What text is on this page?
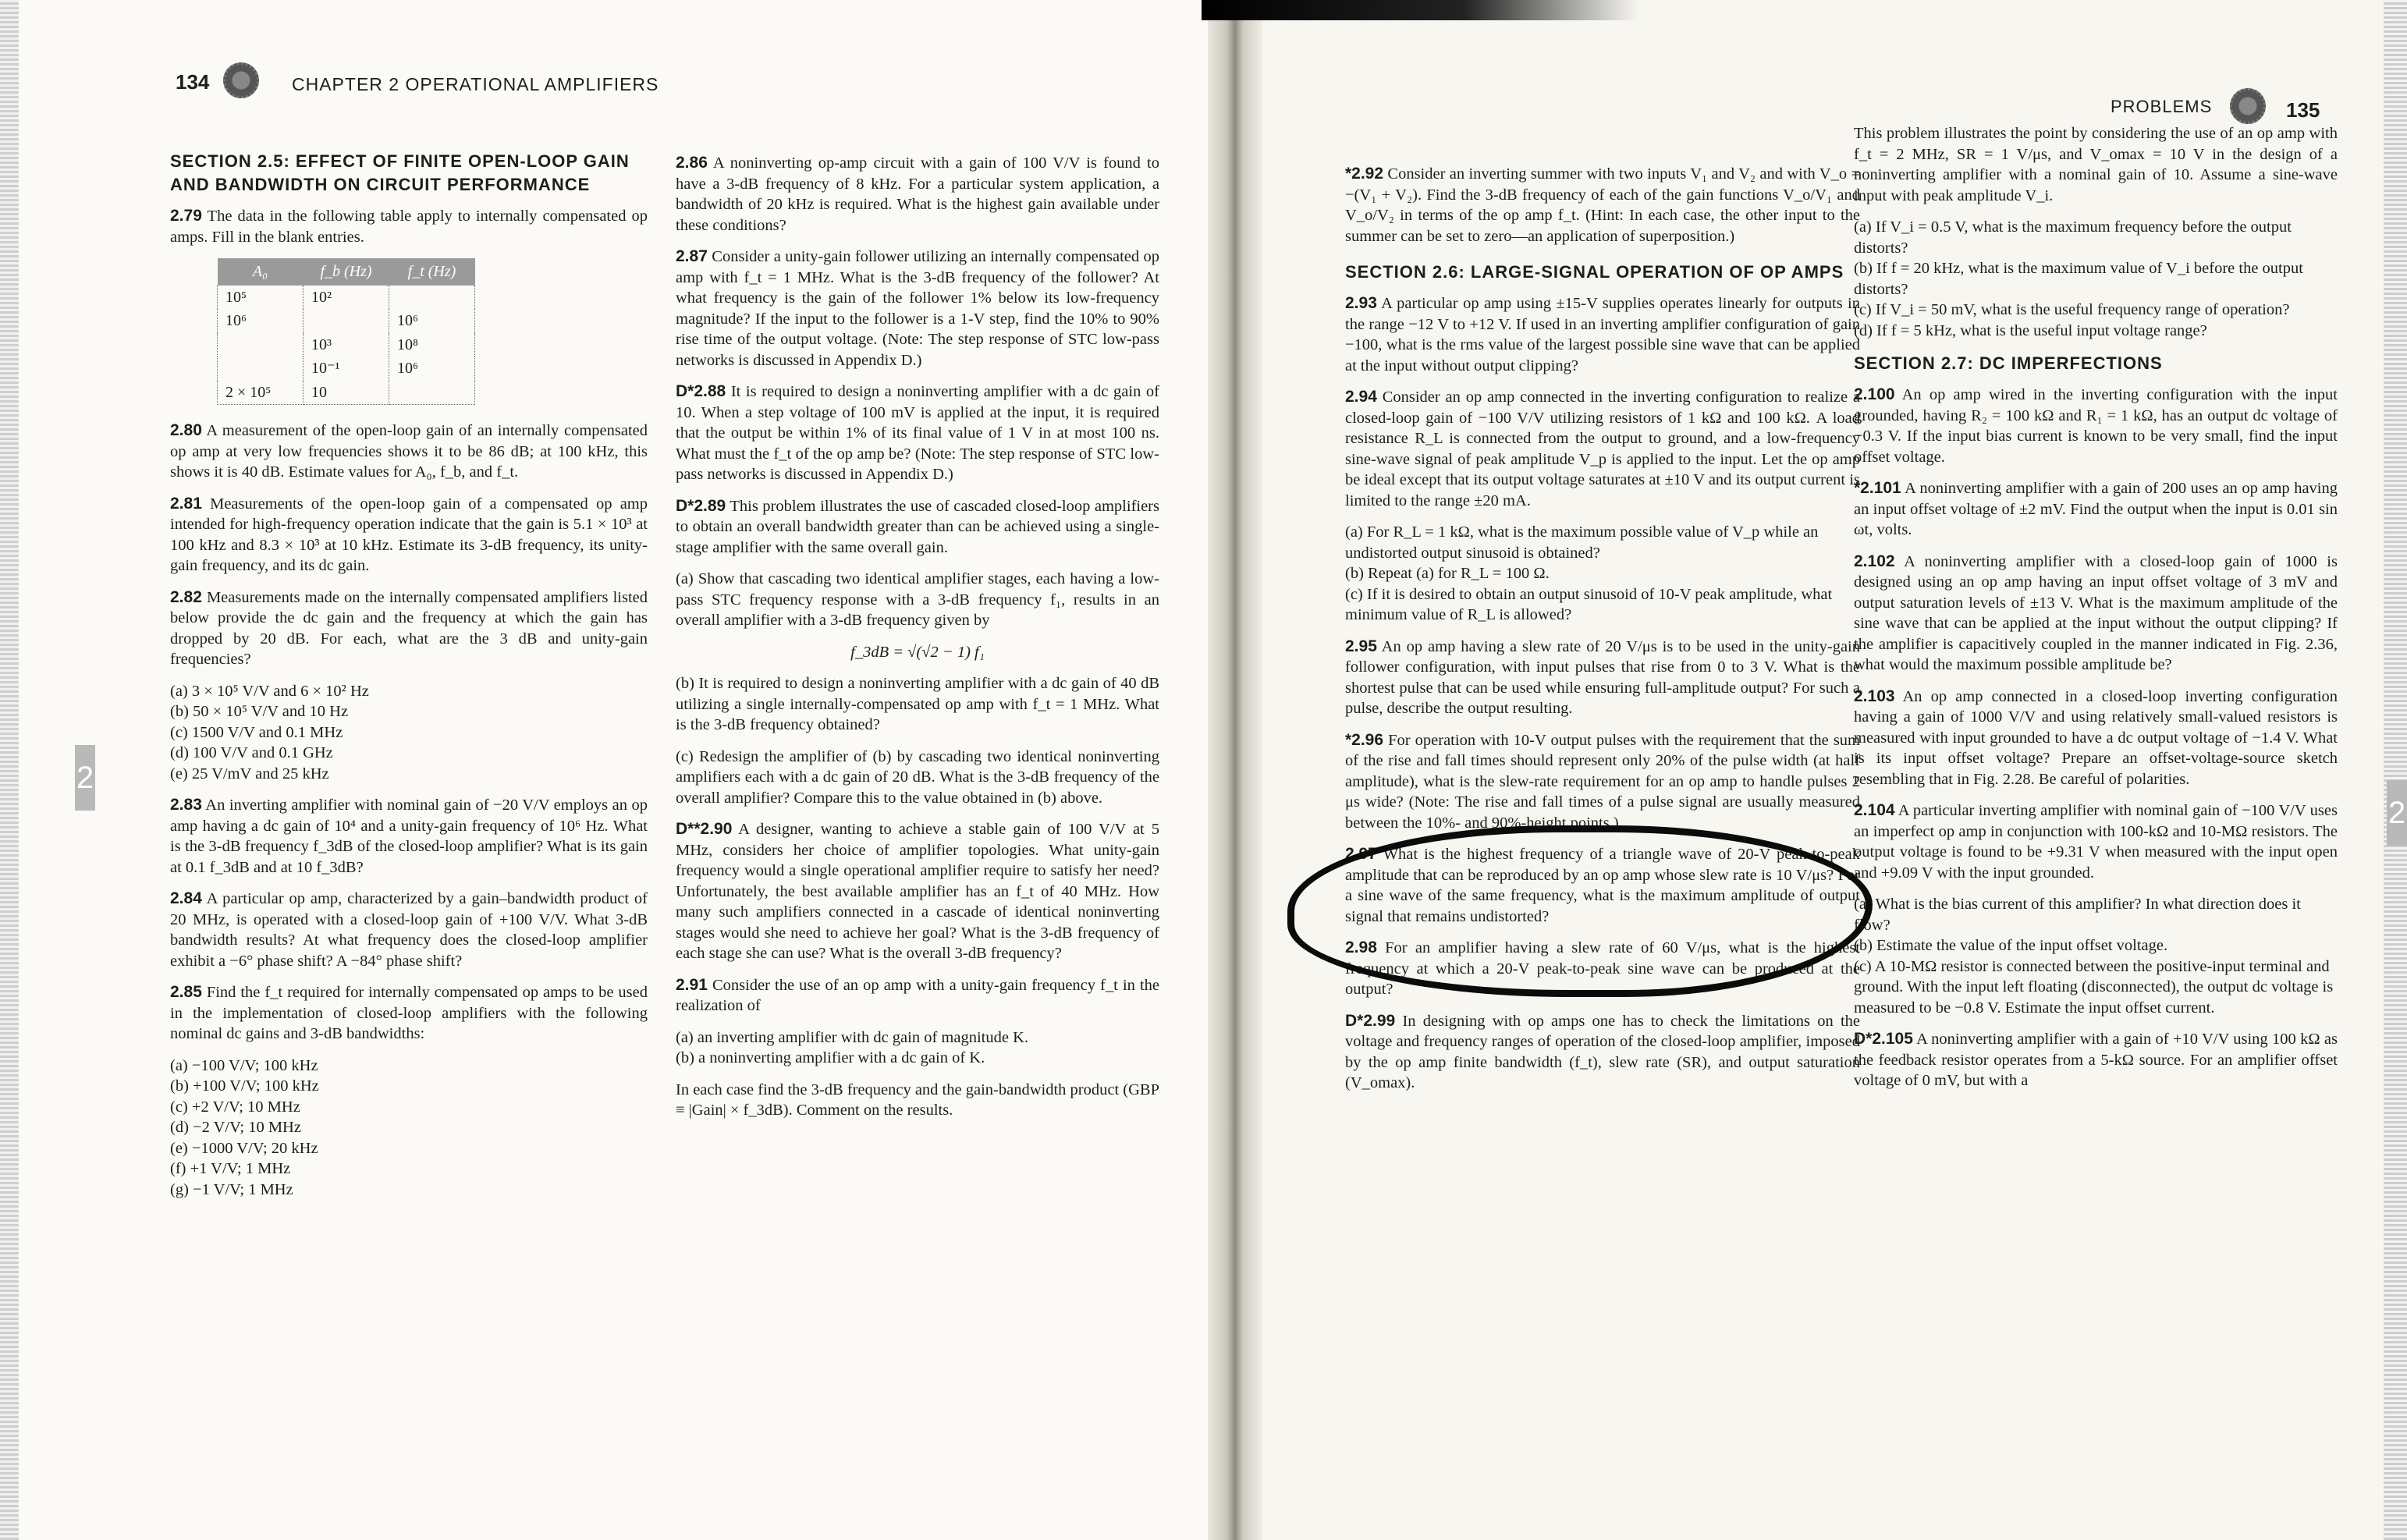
2
2
134	CHAPTER 2 OPERATIONAL AMPLIFIERS
PROBLEMS	135
SECTION 2.5: EFFECT OF FINITE OPEN-LOOP GAIN AND BANDWIDTH ON CIRCUIT PERFORMANCE

2.79 The data in the following table apply to internally compensated op amps. Fill in the blank entries.

A₀	f_b (Hz)	f_t (Hz)
10⁵	10²	
10⁶		10⁶
	10³	10⁸
	10⁻¹	10⁶
2 × 10⁵	10	

2.80 A measurement of the open-loop gain of an internally compensated op amp at very low frequencies shows it to be 86 dB; at 100 kHz, this shows it is 40 dB. Estimate values for A₀, f_b, and f_t.

2.81 Measurements of the open-loop gain of a compensated op amp intended for high-frequency operation indicate that the gain is 5.1 × 10³ at 100 kHz and 8.3 × 10³ at 10 kHz. Estimate its 3-dB frequency, its unity-gain frequency, and its dc gain.

2.82 Measurements made on the internally compensated amplifiers listed below provide the dc gain and the frequency at which the gain has dropped by 20 dB. For each, what are the 3 dB and unity-gain frequencies?

(a) 3 × 10⁵ V/V and 6 × 10² Hz
(b) 50 × 10⁵ V/V and 10 Hz
(c) 1500 V/V and 0.1 MHz
(d) 100 V/V and 0.1 GHz
(e) 25 V/mV and 25 kHz

2.83 An inverting amplifier with nominal gain of −20 V/V employs an op amp having a dc gain of 10⁴ and a unity-gain frequency of 10⁶ Hz. What is the 3-dB frequency f_3dB of the closed-loop amplifier? What is its gain at 0.1 f_3dB and at 10 f_3dB?

2.84 A particular op amp, characterized by a gain–bandwidth product of 20 MHz, is operated with a closed-loop gain of +100 V/V. What 3-dB bandwidth results? At what frequency does the closed-loop amplifier exhibit a −6° phase shift? A −84° phase shift?

2.85 Find the f_t required for internally compensated op amps to be used in the implementation of closed-loop amplifiers with the following nominal dc gains and 3-dB bandwidths:

(a) −100 V/V; 100 kHz
(b) +100 V/V; 100 kHz
(c) +2 V/V; 10 MHz
(d) −2 V/V; 10 MHz
(e) −1000 V/V; 20 kHz
(f) +1 V/V; 1 MHz
(g) −1 V/V; 1 MHz

2.86 A noninverting op-amp circuit with a gain of 100 V/V is found to have a 3-dB frequency of 8 kHz. For a particular system application, a bandwidth of 20 kHz is required. What is the highest gain available under these conditions?

2.87 Consider a unity-gain follower utilizing an internally compensated op amp with f_t = 1 MHz. What is the 3-dB frequency of the follower? At what frequency is the gain of the follower 1% below its low-frequency magnitude? If the input to the follower is a 1-V step, find the 10% to 90% rise time of the output voltage. (Note: The step response of STC low-pass networks is discussed in Appendix D.)

D*2.88 It is required to design a noninverting amplifier with a dc gain of 10. When a step voltage of 100 mV is applied at the input, it is required that the output be within 1% of its final value of 1 V in at most 100 ns. What must the f_t of the op amp be? (Note: The step response of STC low-pass networks is discussed in Appendix D.)

D*2.89 This problem illustrates the use of cascaded closed-loop amplifiers to obtain an overall bandwidth greater than can be achieved using a single-stage amplifier with the same overall gain.

(a) Show that cascading two identical amplifier stages, each having a low-pass STC frequency response with a 3-dB frequency f₁, results in an overall amplifier with a 3-dB frequency given by

f_3dB = √(√2 − 1) f₁

(b) It is required to design a noninverting amplifier with a dc gain of 40 dB utilizing a single internally-compensated op amp with f_t = 1 MHz. What is the 3-dB frequency obtained?

(c) Redesign the amplifier of (b) by cascading two identical noninverting amplifiers each with a dc gain of 20 dB. What is the 3-dB frequency of the overall amplifier? Compare this to the value obtained in (b) above.

D**2.90 A designer, wanting to achieve a stable gain of 100 V/V at 5 MHz, considers her choice of amplifier topologies. What unity-gain frequency would a single operational amplifier require to satisfy her need? Unfortunately, the best available amplifier has an f_t of 40 MHz. How many such amplifiers connected in a cascade of identical noninverting stages would she need to achieve her goal? What is the 3-dB frequency of each stage she can use? What is the overall 3-dB frequency?

2.91 Consider the use of an op amp with a unity-gain frequency f_t in the realization of

(a) an inverting amplifier with dc gain of magnitude K.
(b) a noninverting amplifier with a dc gain of K.

In each case find the 3-dB frequency and the gain-bandwidth product (GBP ≡ |Gain| × f_3dB). Comment on the results.

*2.92 Consider an inverting summer with two inputs V₁ and V₂ and with V_o = −(V₁ + V₂). Find the 3-dB frequency of each of the gain functions V_o/V₁ and V_o/V₂ in terms of the op amp f_t. (Hint: In each case, the other input to the summer can be set to zero—an application of superposition.)

SECTION 2.6: LARGE-SIGNAL OPERATION OF OP AMPS

2.93 A particular op amp using ±15-V supplies operates linearly for outputs in the range −12 V to +12 V. If used in an inverting amplifier configuration of gain −100, what is the rms value of the largest possible sine wave that can be applied at the input without output clipping?

2.94 Consider an op amp connected in the inverting configuration to realize a closed-loop gain of −100 V/V utilizing resistors of 1 kΩ and 100 kΩ. A load resistance R_L is connected from the output to ground, and a low-frequency sine-wave signal of peak amplitude V_p is applied to the input. Let the op amp be ideal except that its output voltage saturates at ±10 V and its output current is limited to the range ±20 mA.

(a) For R_L = 1 kΩ, what is the maximum possible value of V_p while an undistorted output sinusoid is obtained?
(b) Repeat (a) for R_L = 100 Ω.
(c) If it is desired to obtain an output sinusoid of 10-V peak amplitude, what minimum value of R_L is allowed?

2.95 An op amp having a slew rate of 20 V/μs is to be used in the unity-gain follower configuration, with input pulses that rise from 0 to 3 V. What is the shortest pulse that can be used while ensuring full-amplitude output? For such a pulse, describe the output resulting.

*2.96 For operation with 10-V output pulses with the requirement that the sum of the rise and fall times should represent only 20% of the pulse width (at half amplitude), what is the slew-rate requirement for an op amp to handle pulses 2 μs wide? (Note: The rise and fall times of a pulse signal are usually measured between the 10%- and 90%-height points.)

2.97 What is the highest frequency of a triangle wave of 20-V peak-to-peak amplitude that can be reproduced by an op amp whose slew rate is 10 V/μs? For a sine wave of the same frequency, what is the maximum amplitude of output signal that remains undistorted?

2.98 For an amplifier having a slew rate of 60 V/μs, what is the highest frequency at which a 20-V peak-to-peak sine wave can be produced at the output?

D*2.99 In designing with op amps one has to check the limitations on the voltage and frequency ranges of operation of the closed-loop amplifier, imposed by the op amp finite bandwidth (f_t), slew rate (SR), and output saturation (V_omax).

This problem illustrates the point by considering the use of an op amp with f_t = 2 MHz, SR = 1 V/μs, and V_omax = 10 V in the design of a noninverting amplifier with a nominal gain of 10. Assume a sine-wave input with peak amplitude V_i.

(a) If V_i = 0.5 V, what is the maximum frequency before the output distorts?
(b) If f = 20 kHz, what is the maximum value of V_i before the output distorts?
(c) If V_i = 50 mV, what is the useful frequency range of operation?
(d) If f = 5 kHz, what is the useful input voltage range?
SECTION 2.7: DC IMPERFECTIONS

2.100 An op amp wired in the inverting configuration with the input grounded, having R₂ = 100 kΩ and R₁ = 1 kΩ, has an output dc voltage of −0.3 V. If the input bias current is known to be very small, find the input offset voltage.

*2.101 A noninverting amplifier with a gain of 200 uses an op amp having an input offset voltage of ±2 mV. Find the output when the input is 0.01 sin ωt, volts.

2.102 A noninverting amplifier with a closed-loop gain of 1000 is designed using an op amp having an input offset voltage of 3 mV and output saturation levels of ±13 V. What is the maximum amplitude of the sine wave that can be applied at the input without the output clipping? If the amplifier is capacitively coupled in the manner indicated in Fig. 2.36, what would the maximum possible amplitude be?

2.103 An op amp connected in a closed-loop inverting configuration having a gain of 1000 V/V and using relatively small-valued resistors is measured with input grounded to have a dc output voltage of −1.4 V. What is its input offset voltage? Prepare an offset-voltage-source sketch resembling that in Fig. 2.28. Be careful of polarities.

2.104 A particular inverting amplifier with nominal gain of −100 V/V uses an imperfect op amp in conjunction with 100-kΩ and 10-MΩ resistors. The output voltage is found to be +9.31 V when measured with the input open and +9.09 V with the input grounded.

(a) What is the bias current of this amplifier? In what direction does it flow?
(b) Estimate the value of the input offset voltage.
(c) A 10-MΩ resistor is connected between the positive-input terminal and ground. With the input left floating (disconnected), the output dc voltage is measured to be −0.8 V. Estimate the input offset current.

D*2.105 A noninverting amplifier with a gain of +10 V/V using 100 kΩ as the feedback resistor operates from a 5-kΩ source. For an amplifier offset voltage of 0 mV, but with a
